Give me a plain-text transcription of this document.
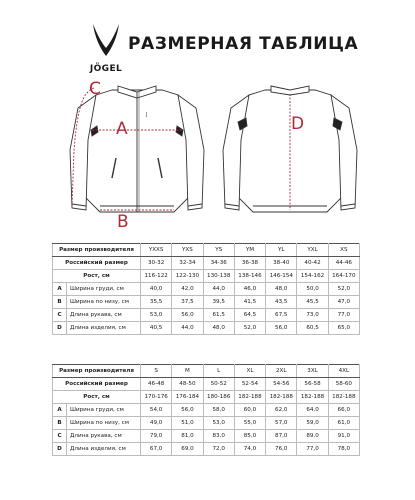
JÖGEL
РАЗМЕРНАЯ ТАБЛИЦА
J
C
A
B
D
Размер производителя		YXXS	YXS	YS	YM	YL	YXL	XS
Российский размер		30-32	32-34	34-36	36-38	38-40	40-42	44-46
Рост, см		116-122	122-130	130-138	138-146	146-154	154-162	164-170
A	Ширина груди, см	40,0	42,0	44,0	46,0	48,0	50,0	52,0
B	Ширина по низу, см	35,5	37,5	39,5	41,5	43,5	45,5	47,0
C	Длина рукава, см	53,0	56,0	61,5	64,5	67,5	73,0	77,0
D	Длина изделия, см	40,5	44,0	48,0	52,0	56,0	60,5	65,0
Размер производителя		S	M	L	XL	2XL	3XL	4XL
Российский размер		46-48	48-50	50-52	52-54	54-56	56-58	58-60
Рост, см		170-176	176-184	180-186	182-188	182-188	182-188	182-188
A	Ширина груди, см	54,0	56,0	58,0	60,0	62,0	64,0	66,0
B	Ширина по низу, см	49,0	51,0	53,0	55,0	57,0	59,0	61,0
C	Длина рукава, см	79,0	81,0	83,0	85,0	87,0	89,0	91,0
D	Длина изделия, см	67,0	69,0	72,0	74,0	76,0	77,0	78,0
